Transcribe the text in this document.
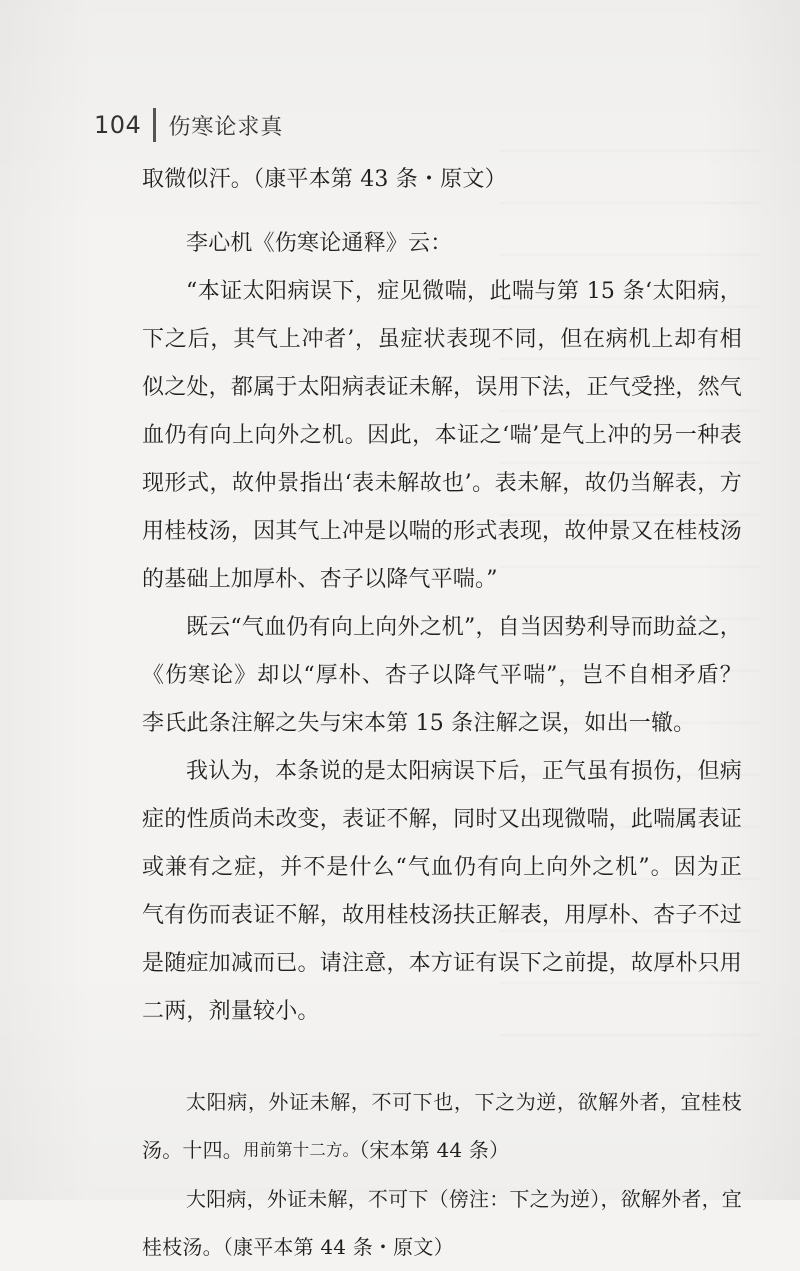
104 伤寒论求真

取微似汗。（康平本第 43 条・原文）

李心机《伤寒论通释》云：

“本证太阳病误下，症见微喘，此喘与第 15 条‘太阳病，下之后，其气上冲者’，虽症状表现不同，但在病机上却有相似之处，都属于太阳病表证未解，误用下法，正气受挫，然气血仍有向上向外之机。因此，本证之‘喘’是气上冲的另一种表现形式，故仲景指出‘表未解故也’。表未解，故仍当解表，方用桂枝汤，因其气上冲是以喘的形式表现，故仲景又在桂枝汤的基础上加厚朴、杏子以降气平喘。”

既云“气血仍有向上向外之机”，自当因势利导而助益之，《伤寒论》却以“厚朴、杏子以降气平喘”，岂不自相矛盾？李氏此条注解之失与宋本第 15 条注解之误，如出一辙。

我认为，本条说的是太阳病误下后，正气虽有损伤，但病症的性质尚未改变，表证不解，同时又出现微喘，此喘属表证或兼有之症，并不是什么“气血仍有向上向外之机”。因为正气有伤而表证不解，故用桂枝汤扶正解表，用厚朴、杏子不过是随症加减而已。请注意，本方证有误下之前提，故厚朴只用二两，剂量较小。

太阳病，外证未解，不可下也，下之为逆，欲解外者，宜桂枝汤。十四。用前第十二方。（宋本第 44 条）

大阳病，外证未解，不可下（傍注：下之为逆），欲解外者，宜桂枝汤。（康平本第 44 条・原文）
